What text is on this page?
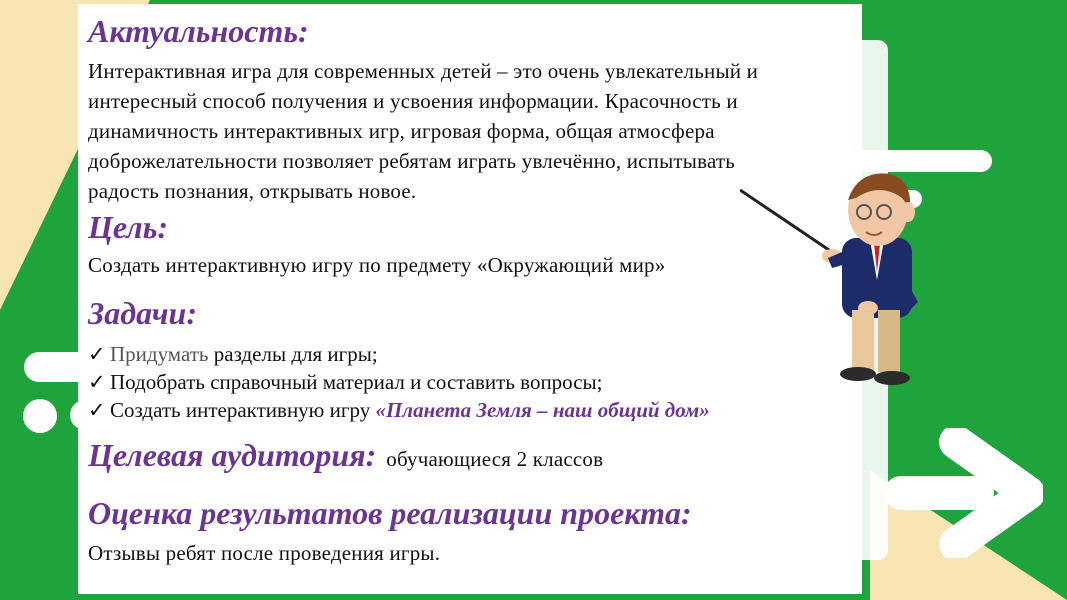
Актуальность:

Интерактивная игра для современных детей – это очень увлекательный и

интересный способ получения и усвоения информации. Красочность и

динамичность интерактивных игр, игровая форма, общая атмосфера

доброжелательности позволяет ребятам играть увлечённо, испытывать

радость познания, открывать новое.

Цель:

Создать интерактивную игру по предмету «Окружающий мир»

Задачи:
✓ Придумать разделы для игры;
✓ Подобрать справочный материал и составить вопросы;
✓ Создать интерактивную игру «Планета Земля – наш общий дом»
Целевая аудитория: обучающиеся 2 классов
Оценка результатов реализации проекта:

Отзывы ребят после проведения игры.
